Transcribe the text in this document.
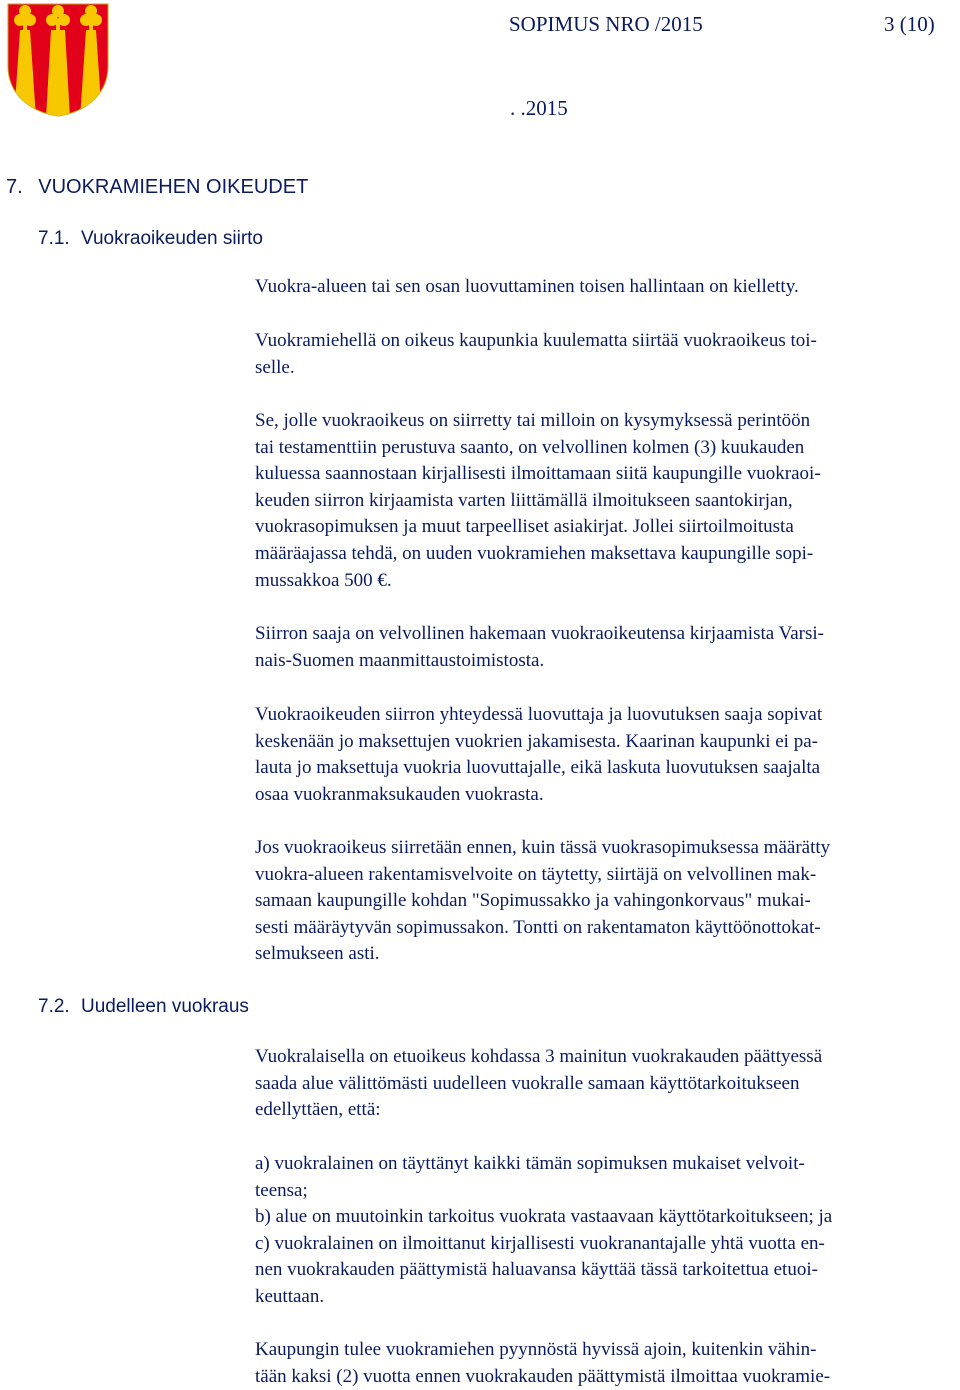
SOPIMUS NRO /2015	3 (10)
. .2015
7. VUOKRAMIEHEN OIKEUDET
7.1. Vuokraoikeuden siirto
7.2. Uudelleen vuokraus

Vuokra-alueen tai sen osan luovuttaminen toisen hallintaan on kielletty.

Vuokramiehellä on oikeus kaupunkia kuulematta siirtää vuokraoikeus toi-
selle.

Se, jolle vuokraoikeus on siirretty tai milloin on kysymyksessä perintöön
tai testamenttiin perustuva saanto, on velvollinen kolmen (3) kuukauden
kuluessa saannostaan kirjallisesti ilmoittamaan siitä kaupungille vuokraoi-
keuden siirron kirjaamista varten liittämällä ilmoitukseen saantokirjan,
vuokrasopimuksen ja muut tarpeelliset asiakirjat. Jollei siirtoilmoitusta
määräajassa tehdä, on uuden vuokramiehen maksettava kaupungille sopi-
mussakkoa 500 €.

Siirron saaja on velvollinen hakemaan vuokraoikeutensa kirjaamista Varsi-
nais-Suomen maanmittaustoimistosta.

Vuokraoikeuden siirron yhteydessä luovuttaja ja luovutuksen saaja sopivat
keskenään jo maksettujen vuokrien jakamisesta. Kaarinan kaupunki ei pa-
lauta jo maksettuja vuokria luovuttajalle, eikä laskuta luovutuksen saajalta
osaa vuokranmaksukauden vuokrasta.

Jos vuokraoikeus siirretään ennen, kuin tässä vuokrasopimuksessa määrätty
vuokra-alueen rakentamisvelvoite on täytetty, siirtäjä on velvollinen mak-
samaan kaupungille kohdan "Sopimussakko ja vahingonkorvaus" mukai-
sesti määräytyvän sopimussakon. Tontti on rakentamaton käyttöönottokat-
selmukseen asti.

Vuokralaisella on etuoikeus kohdassa 3 mainitun vuokrakauden päättyessä
saada alue välittömästi uudelleen vuokralle samaan käyttötarkoitukseen
edellyttäen, että:

a) vuokralainen on täyttänyt kaikki tämän sopimuksen mukaiset velvoit-
teensa;
b) alue on muutoinkin tarkoitus vuokrata vastaavaan käyttötarkoitukseen; ja
c) vuokralainen on ilmoittanut kirjallisesti vuokranantajalle yhtä vuotta en-
nen vuokrakauden päättymistä haluavansa käyttää tässä tarkoitettua etuoi-
keuttaan.

Kaupungin tulee vuokramiehen pyynnöstä hyvissä ajoin, kuitenkin vähin-
tään kaksi (2) vuotta ennen vuokrakauden päättymistä ilmoittaa vuokramie-
